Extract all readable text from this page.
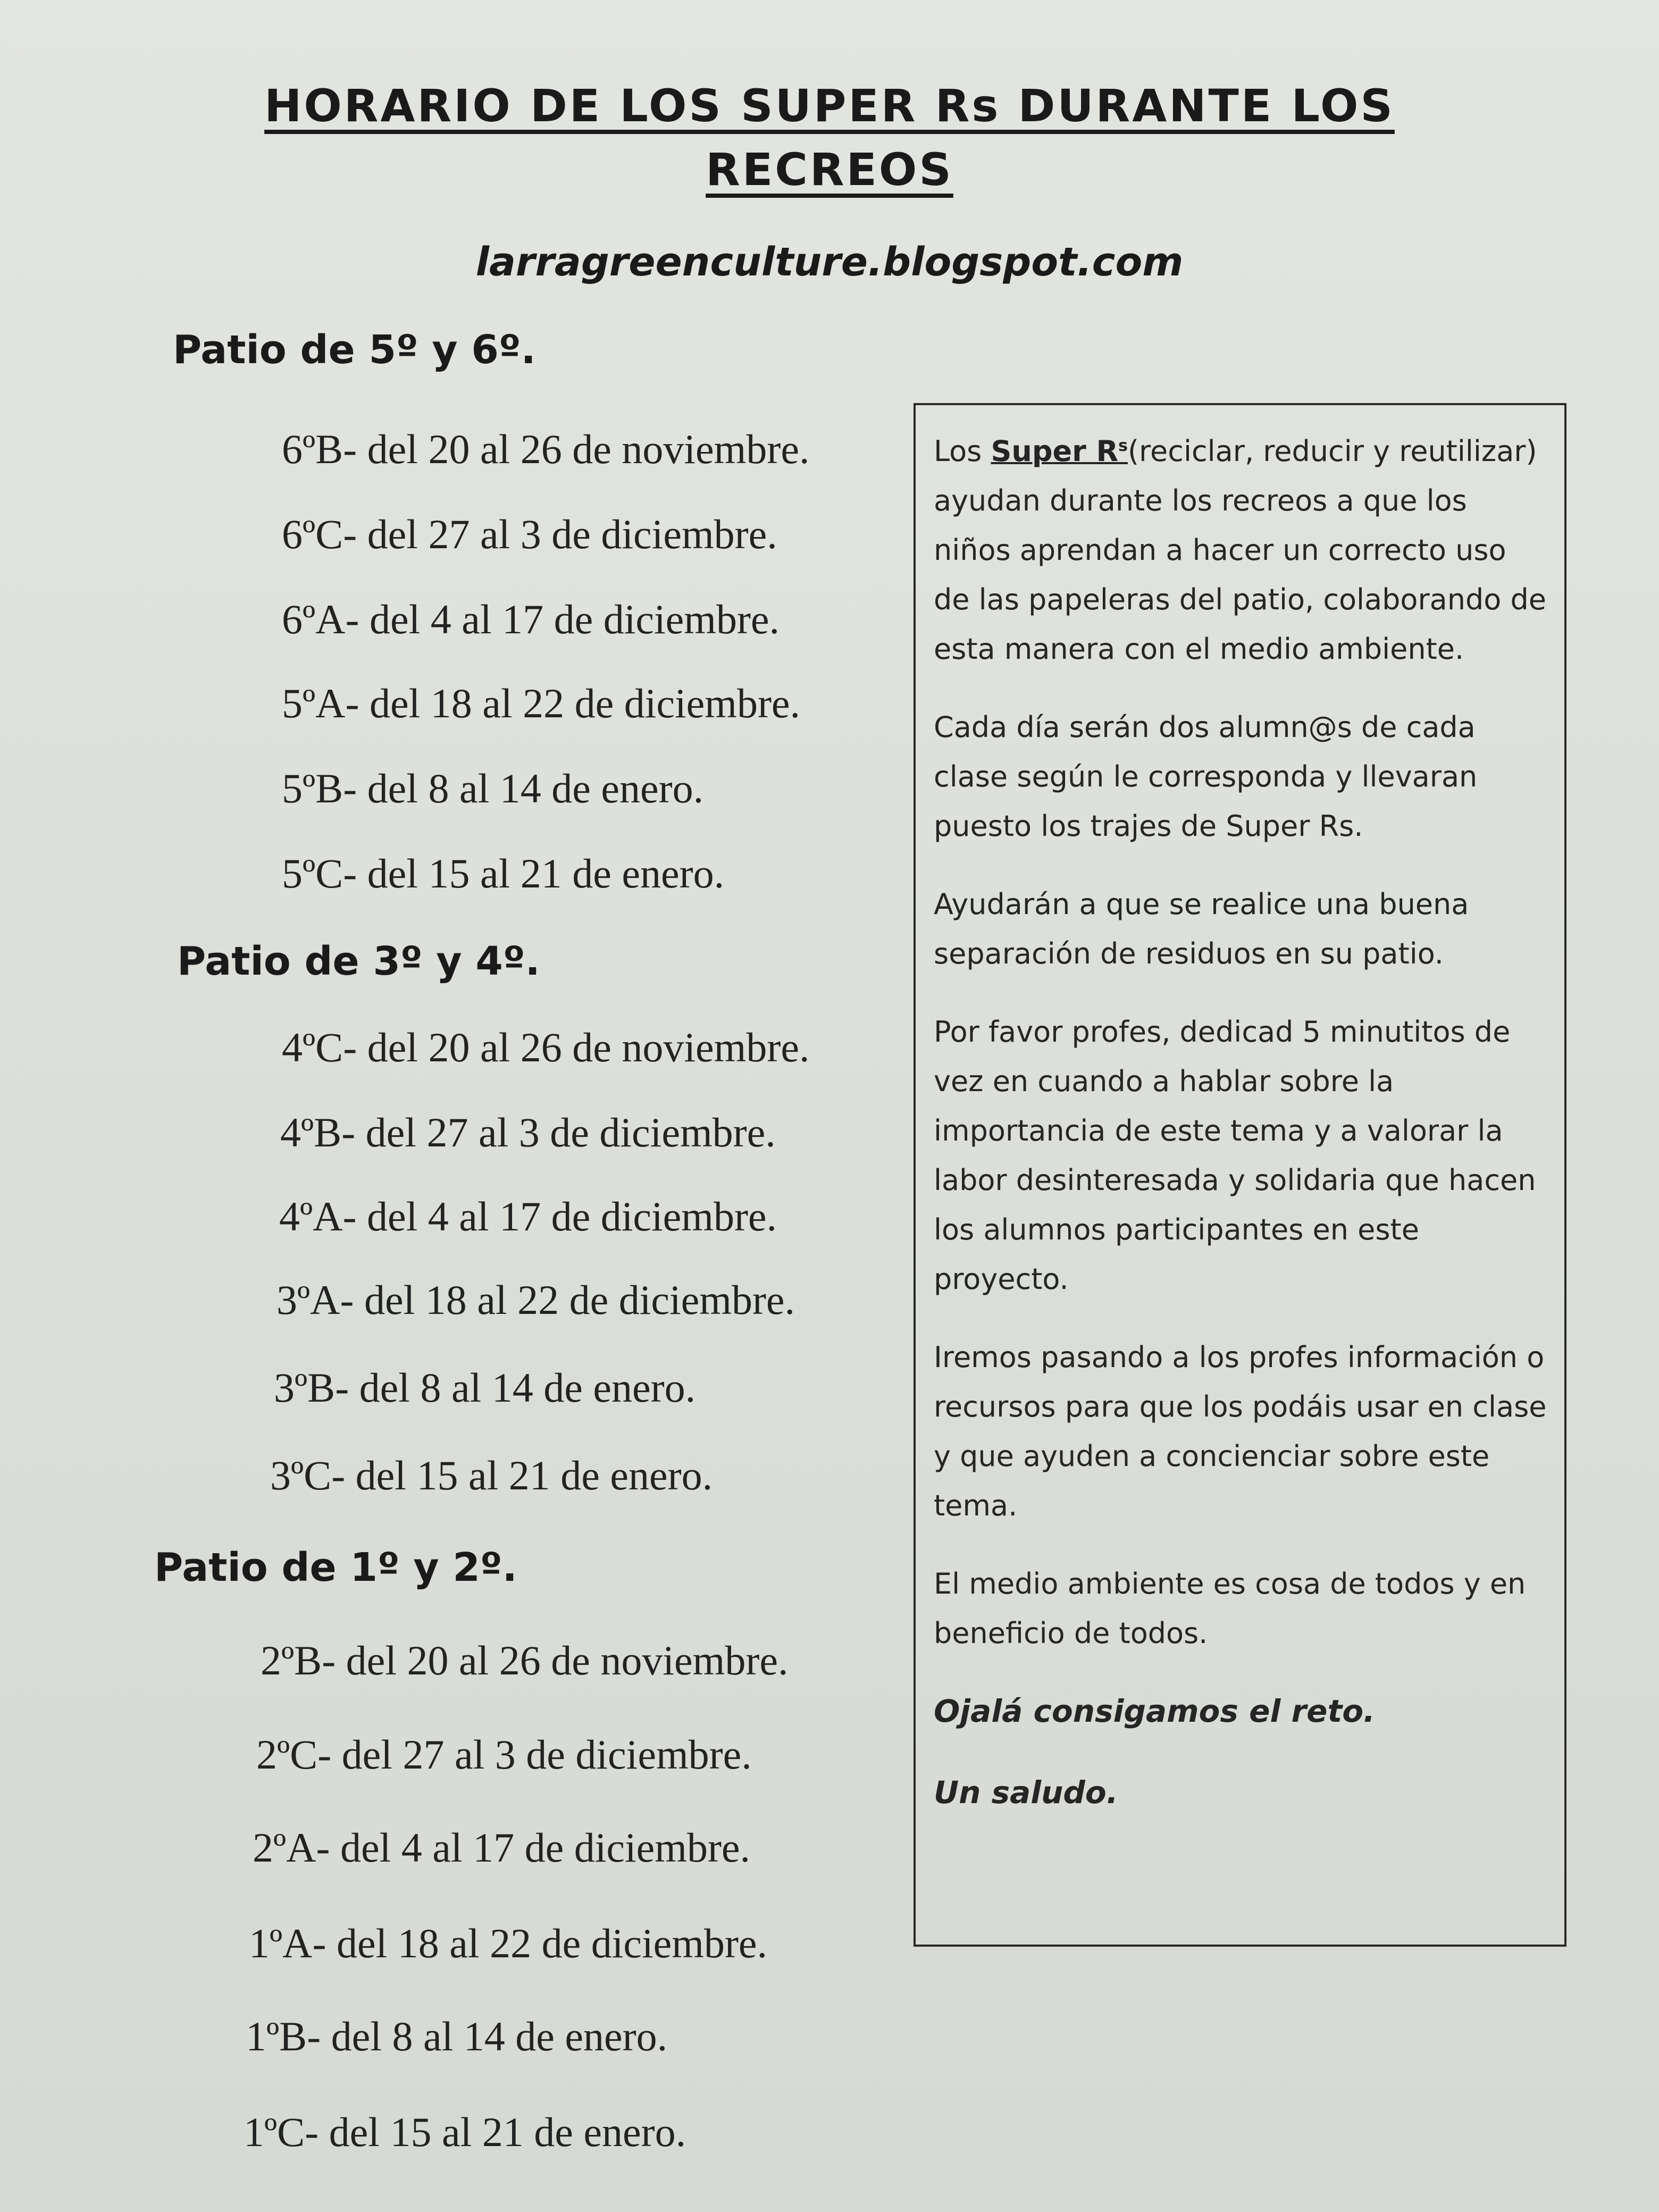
HORARIO DE LOS SUPER Rs DURANTE LOS
RECREOS
larragreenculture.blogspot.com
Patio de 5º y 6º.
6ºB- del 20 al 26 de noviembre.
6ºC- del 27 al 3 de diciembre.
6ºA- del 4 al 17 de diciembre.
5ºA- del 18 al 22 de diciembre.
5ºB- del 8 al 14 de enero.
5ºC- del 15 al 21 de enero.
Patio de 3º y 4º.
4ºC- del 20 al 26 de noviembre.
4ºB- del 27 al 3 de diciembre.
4ºA- del 4 al 17 de diciembre.
3ºA- del 18 al 22 de diciembre.
3ºB- del 8 al 14 de enero.
3ºC- del 15 al 21 de enero.
Patio de 1º y 2º.
2ºB- del 20 al 26 de noviembre.
2ºC- del 27 al 3 de diciembre.
2ºA- del 4 al 17 de diciembre.
1ºA- del 18 al 22 de diciembre.
1ºB- del 8 al 14 de enero.
1ºC- del 15 al 21 de enero.

Los Super $R^s(reciclar$, reducir y reutilizar) ayudan durante los recreos a que los niños aprendan a hacer un correcto uso de las papeleras del patio, colaborando de esta manera con el medio ambiente.

Cada día serán dos alumn@s de cada clase según le corresponda y llevaran puesto los trajes de Super Rs.

Ayudarán a que se realice una buena separación de residuos en su patio.

Por favor profes, dedicad 5 minutitos de vez en cuando a hablar sobre la importancia de este tema y a valorar la labor desinteresada y solidaria que hacen los alumnos participantes en este proyecto.

Iremos pasando a los profes información o recursos para que los podáis usar en clase y que ayuden a concienciar sobre este tema.

El medio ambiente es cosa de todos y en beneficio de todos.

Ojalá consigamos el reto.

Un saludo.
